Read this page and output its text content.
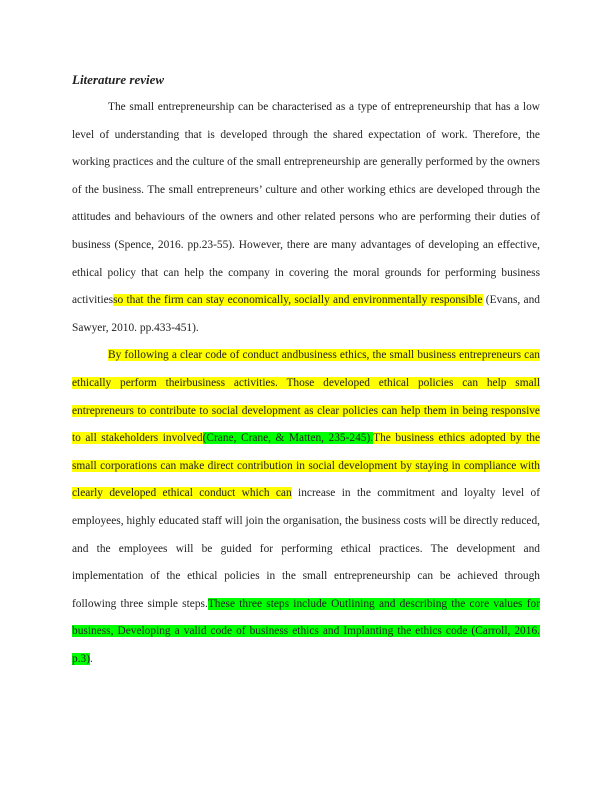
Literature review

The small entrepreneurship can be characterised as a type of entrepreneurship that has a low level of understanding that is developed through the shared expectation of work. Therefore, the working practices and the culture of the small entrepreneurship are generally performed by the owners of the business. The small entrepreneurs’ culture and other working ethics are developed through the attitudes and behaviours of the owners and other related persons who are performing their duties of business (Spence, 2016. pp.23-55). However, there are many advantages of developing an effective, ethical policy that can help the company in covering the moral grounds for performing business activitiesso that the firm can stay economically, socially and environmentally responsible (Evans, and Sawyer, 2010. pp.433-451).

By following a clear code of conduct andbusiness ethics, the small business entrepreneurs can ethically perform theirbusiness activities. Those developed ethical policies can help small entrepreneurs to contribute to social development as clear policies can help them in being responsive to all stakeholders involved(Crane, Crane, & Matten, 235-245).The business ethics adopted by the small corporations can make direct contribution in social development by staying in compliance with clearly developed ethical conduct which can increase in the commitment and loyalty level of employees, highly educated staff will join the organisation, the business costs will be directly reduced, and the employees will be guided for performing ethical practices. The development and implementation of the ethical policies in the small entrepreneurship can be achieved through following three simple steps.These three steps include Outlining and describing the core values for business, Developing a valid code of business ethics and Implanting the ethics code (Carroll, 2016. p.3).
